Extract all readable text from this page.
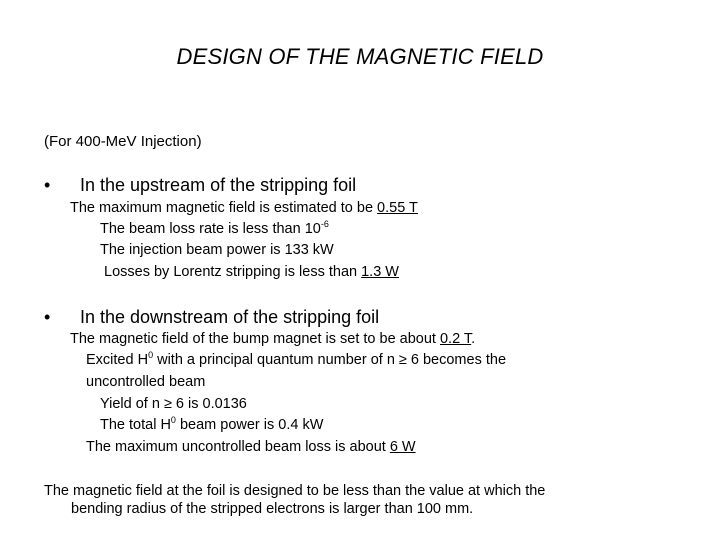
DESIGN OF THE MAGNETIC FIELD
(For 400-MeV Injection)
• In the upstream of the stripping foil
The maximum magnetic field is estimated to be 0.55 T
The beam loss rate is less than $10^{-6}$
The injection beam power is 133 kW
Losses by Lorentz stripping is less than 1.3 W
• In the downstream of the stripping foil
The magnetic field of the bump magnet is set to be about 0.2 T.
Excited $H^0$ with a principal quantum number of n ≥ 6 becomes the
uncontrolled beam
Yield of n ≥ 6 is 0.0136
The total $H^0$ beam power is 0.4 kW
The maximum uncontrolled beam loss is about 6 W
The magnetic field at the foil is designed to be less than the value at which the
bending radius of the stripped electrons is larger than 100 mm.
